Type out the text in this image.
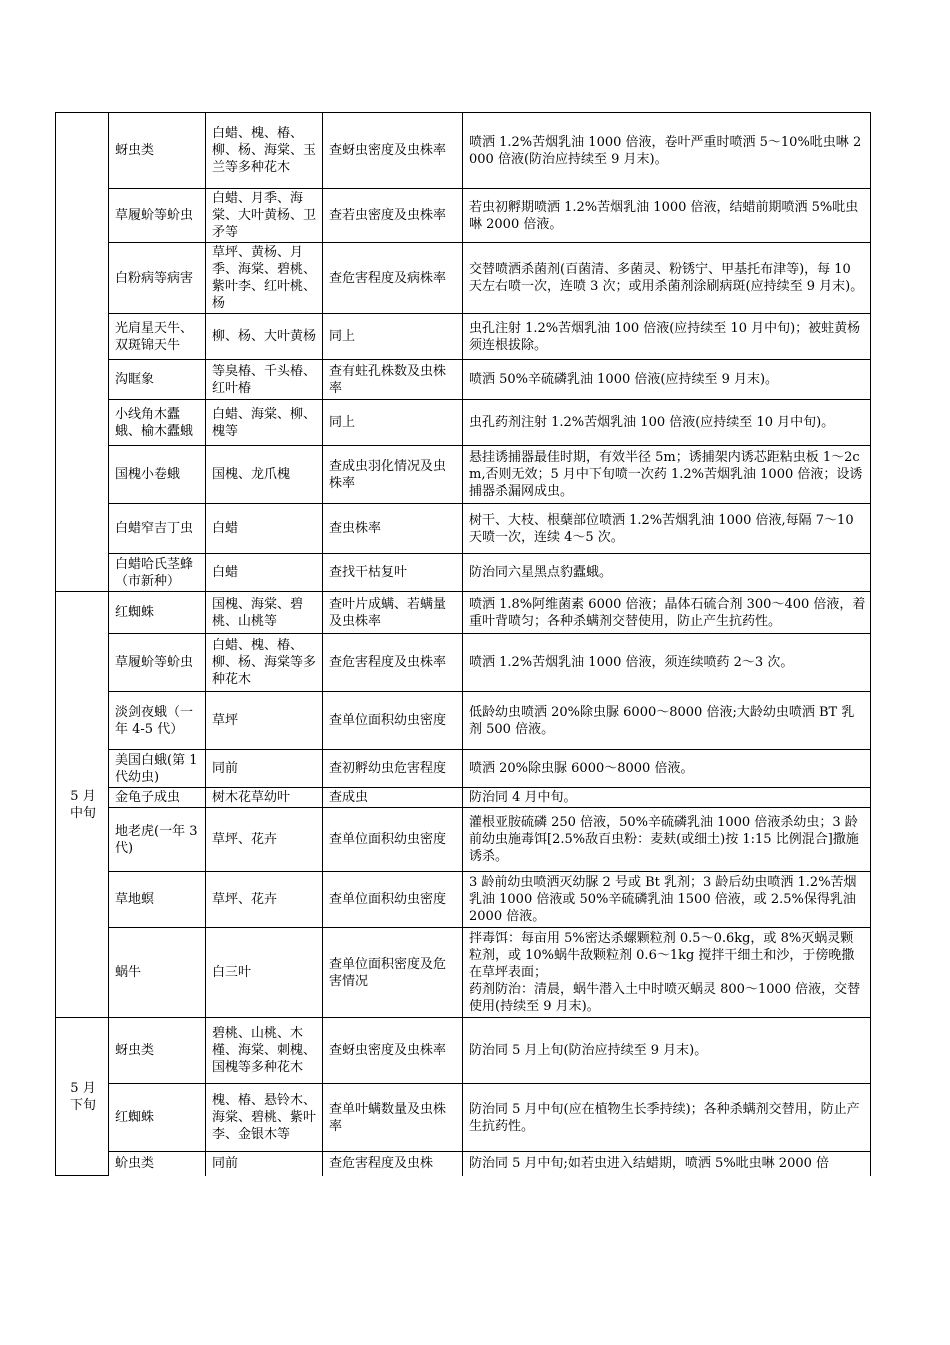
	蚜虫类	白蜡、槐、椿、柳、杨、海棠、玉兰等多种花木	查蚜虫密度及虫株率	喷洒 1.2%苦烟乳油 1000 倍液，卷叶严重时喷洒 5～10%吡虫啉 2000 倍液(防治应持续至 9 月末)。
	草履蚧等蚧虫	白蜡、月季、海棠、大叶黄杨、卫矛等	查若虫密度及虫株率	若虫初孵期喷洒 1.2%苦烟乳油 1000 倍液，结蜡前期喷洒 5%吡虫啉 2000 倍液。
	白粉病等病害	草坪、黄杨、月季、海棠、碧桃、紫叶李、红叶桃、杨	查危害程度及病株率	交替喷洒杀菌剂(百菌清、多菌灵、粉锈宁、甲基托布津等)，每 10 天左右喷一次，连喷 3 次；或用杀菌剂涂刷病斑(应持续至 9 月末)。
	光肩星天牛、双斑锦天牛	柳、杨、大叶黄杨	同上	虫孔注射 1.2%苦烟乳油 100 倍液(应持续至 10 月中旬)；被蛀黄杨须连根拔除。
	沟眶象	等臭椿、千头椿、红叶椿	查有蛀孔株数及虫株率	喷洒 50%辛硫磷乳油 1000 倍液(应持续至 9 月末)。
	小线角木蠹蛾、榆木蠹蛾	白蜡、海棠、柳、槐等	同上	虫孔药剂注射 1.2%苦烟乳油 100 倍液(应持续至 10 月中旬)。
	国槐小卷蛾	国槐、龙爪槐	查成虫羽化情况及虫株率	悬挂诱捕器最佳时期，有效半径 5m；诱捕架内诱芯距粘虫板 1～2cm,否则无效；5 月中下旬喷一次药 1.2%苦烟乳油 1000 倍液；设诱捕器杀漏网成虫。
	白蜡窄吉丁虫	白蜡	查虫株率	树干、大枝、根蘖部位喷洒 1.2%苦烟乳油 1000 倍液,每隔 7～10 天喷一次，连续 4～5 次。
	白蜡哈氏茎蜂（市新种）	白蜡	查找干枯复叶	防治同六星黑点豹蠹蛾。
5 月中旬	红蜘蛛	国槐、海棠、碧桃、山桃等	查叶片成螨、若螨量及虫株率	喷洒 1.8%阿维菌素 6000 倍液；晶体石硫合剂 300～400 倍液，着重叶背喷匀；各种杀螨剂交替使用，防止产生抗药性。
	草履蚧等蚧虫	白蜡、槐、椿、柳、杨、海棠等多种花木	查危害程度及虫株率	喷洒 1.2%苦烟乳油 1000 倍液，须连续喷药 2～3 次。
	淡剑夜蛾（一年 4-5 代）	草坪	查单位面积幼虫密度	低龄幼虫喷洒 20%除虫脲 6000～8000 倍液;大龄幼虫喷洒 BT 乳剂 500 倍液。
	美国白蛾(第 1 代幼虫)	同前	查初孵幼虫危害程度	喷洒 20%除虫脲 6000～8000 倍液。
	金龟子成虫	树木花草幼叶	查成虫	防治同 4 月中旬。
	地老虎(一年 3 代)	草坪、花卉	查单位面积幼虫密度	灌根亚胺硫磷 250 倍液，50%辛硫磷乳油 1000 倍液杀幼虫；3 龄前幼虫施毒饵[2.5%敌百虫粉：麦麸(或细土)按 1:15 比例混合]撒施诱杀。
	草地螟	草坪、花卉	查单位面积幼虫密度	3 龄前幼虫喷洒灭幼脲 2 号或 Bt 乳剂；3 龄后幼虫喷洒 1.2%苦烟乳油 1000 倍液或 50%辛硫磷乳油 1500 倍液，或 2.5%保得乳油 2000 倍液。
	蜗牛	白三叶	查单位面积密度及危害情况	拌毒饵：每亩用 5%密达杀螺颗粒剂 0.5～0.6kg，或 8%灭蜗灵颗粒剂，或 10%蜗牛敌颗粒剂 0.6～1kg 搅拌干细土和沙，于傍晚撒在草坪表面；
药剂防治：清晨，蜗牛潜入土中时喷灭蜗灵 800～1000 倍液，交替使用(持续至 9 月末)。
5 月下旬	蚜虫类	碧桃、山桃、木槿、海棠、刺槐、国槐等多种花木	查蚜虫密度及虫株率	防治同 5 月上旬(防治应持续至 9 月末)。
	红蜘蛛	槐、椿、悬铃木、海棠、碧桃、紫叶李、金银木等	查单叶螨数量及虫株率	防治同 5 月中旬(应在植物生长季持续)；各种杀螨剂交替用，防止产生抗药性。
	蚧虫类	同前	查危害程度及虫株	防治同 5 月中旬;如若虫进入结蜡期，喷洒 5%吡虫啉 2000 倍
